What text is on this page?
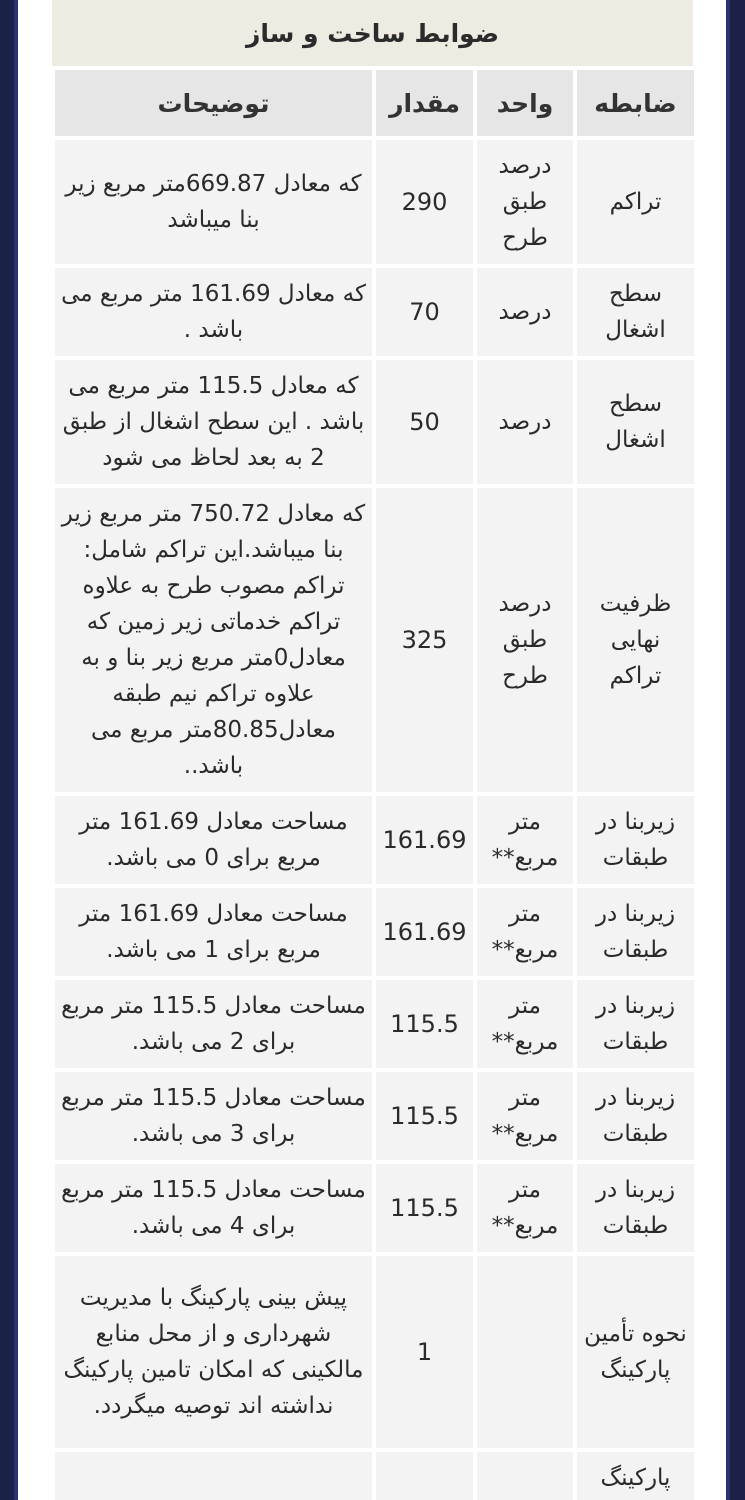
ضوابط ساخت و ساز
ضابطه	واحد	مقدار	توضیحات
تراکم	درصد طبق طرح	290	که معادل 669.87متر مربع زیر بنا میباشد
سطح اشغال	درصد	70	که معادل 161.69 متر مربع می باشد .
سطح اشغال	درصد	50	که معادل 115.5 متر مربع می باشد . این سطح اشغال از طبق 2 به بعد لحاظ می شود
ظرفیت نهایی تراکم	درصد طبق طرح	325	که معادل 750.72 متر مربع زیر بنا میباشد.این تراکم شامل: تراکم مصوب طرح به علاوه تراکم خدماتی زیر زمین که معادل0متر مربع زیر بنا و به علاوه تراکم نیم طبقه معادل80.85متر مربع می باشد..
زیربنا در طبقات	متر مربع**	161.69	مساحت معادل 161.69 متر مربع برای 0 می باشد.
زیربنا در طبقات	متر مربع**	161.69	مساحت معادل 161.69 متر مربع برای 1 می باشد.
زیربنا در طبقات	متر مربع**	115.5	مساحت معادل 115.5 متر مربع برای 2 می باشد.
زیربنا در طبقات	متر مربع**	115.5	مساحت معادل 115.5 متر مربع برای 3 می باشد.
زیربنا در طبقات	متر مربع**	115.5	مساحت معادل 115.5 متر مربع برای 4 می باشد.
نحوه تأمین پارکینگ		1	پیش بینی پارکینگ با مدیریت شهرداری و از محل منابع مالکینی که امکان تامین پارکینگ نداشته اند توصیه میگردد.
پارکینگ			
